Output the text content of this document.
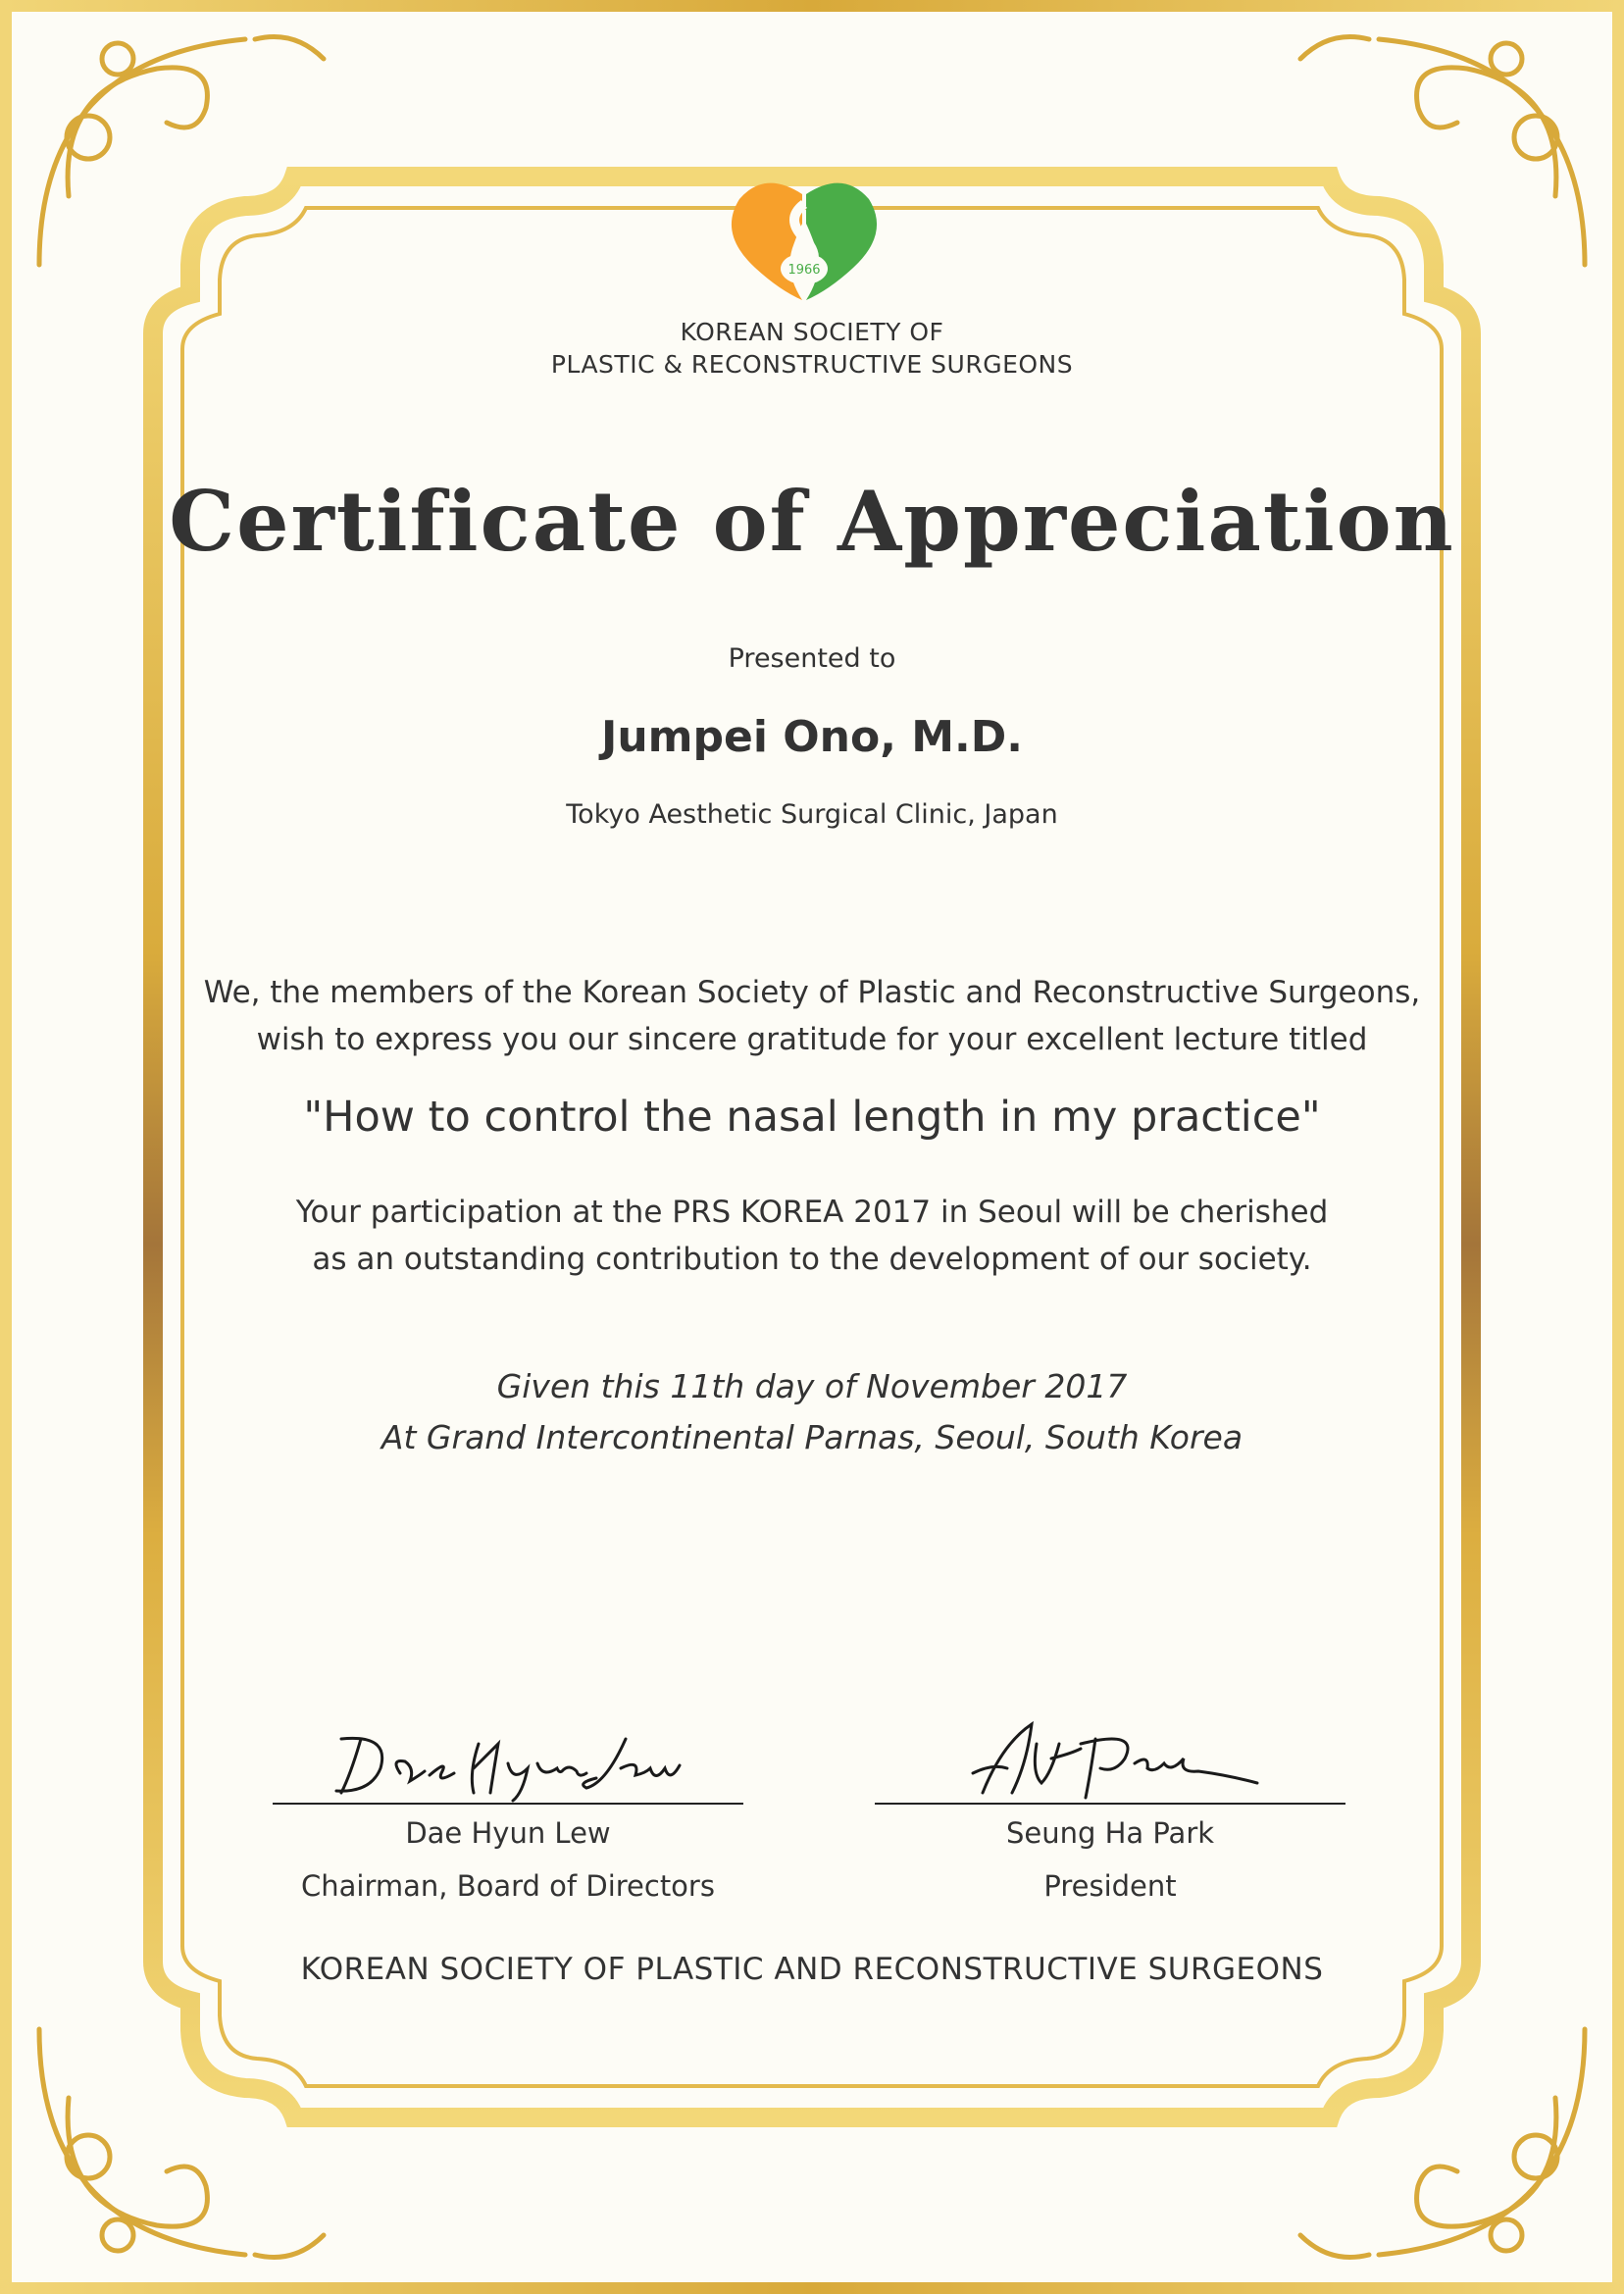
1966
KOREAN SOCIETY OF
PLASTIC & RECONSTRUCTIVE SURGEONS
Certificate of Appreciation
Presented to
Jumpei Ono, M.D.
Tokyo Aesthetic Surgical Clinic, Japan
We, the members of the Korean Society of Plastic and Reconstructive Surgeons,
wish to express you our sincere gratitude for your excellent lecture titled
"How to control the nasal length in my practice"
Your participation at the PRS KOREA 2017 in Seoul will be cherished
as an outstanding contribution to the development of our society.
Given this 11th day of November 2017
At Grand Intercontinental Parnas, Seoul, South Korea
Dae Hyun Lew
Chairman, Board of Directors
Seung Ha Park
President
KOREAN SOCIETY OF PLASTIC AND RECONSTRUCTIVE SURGEONS
